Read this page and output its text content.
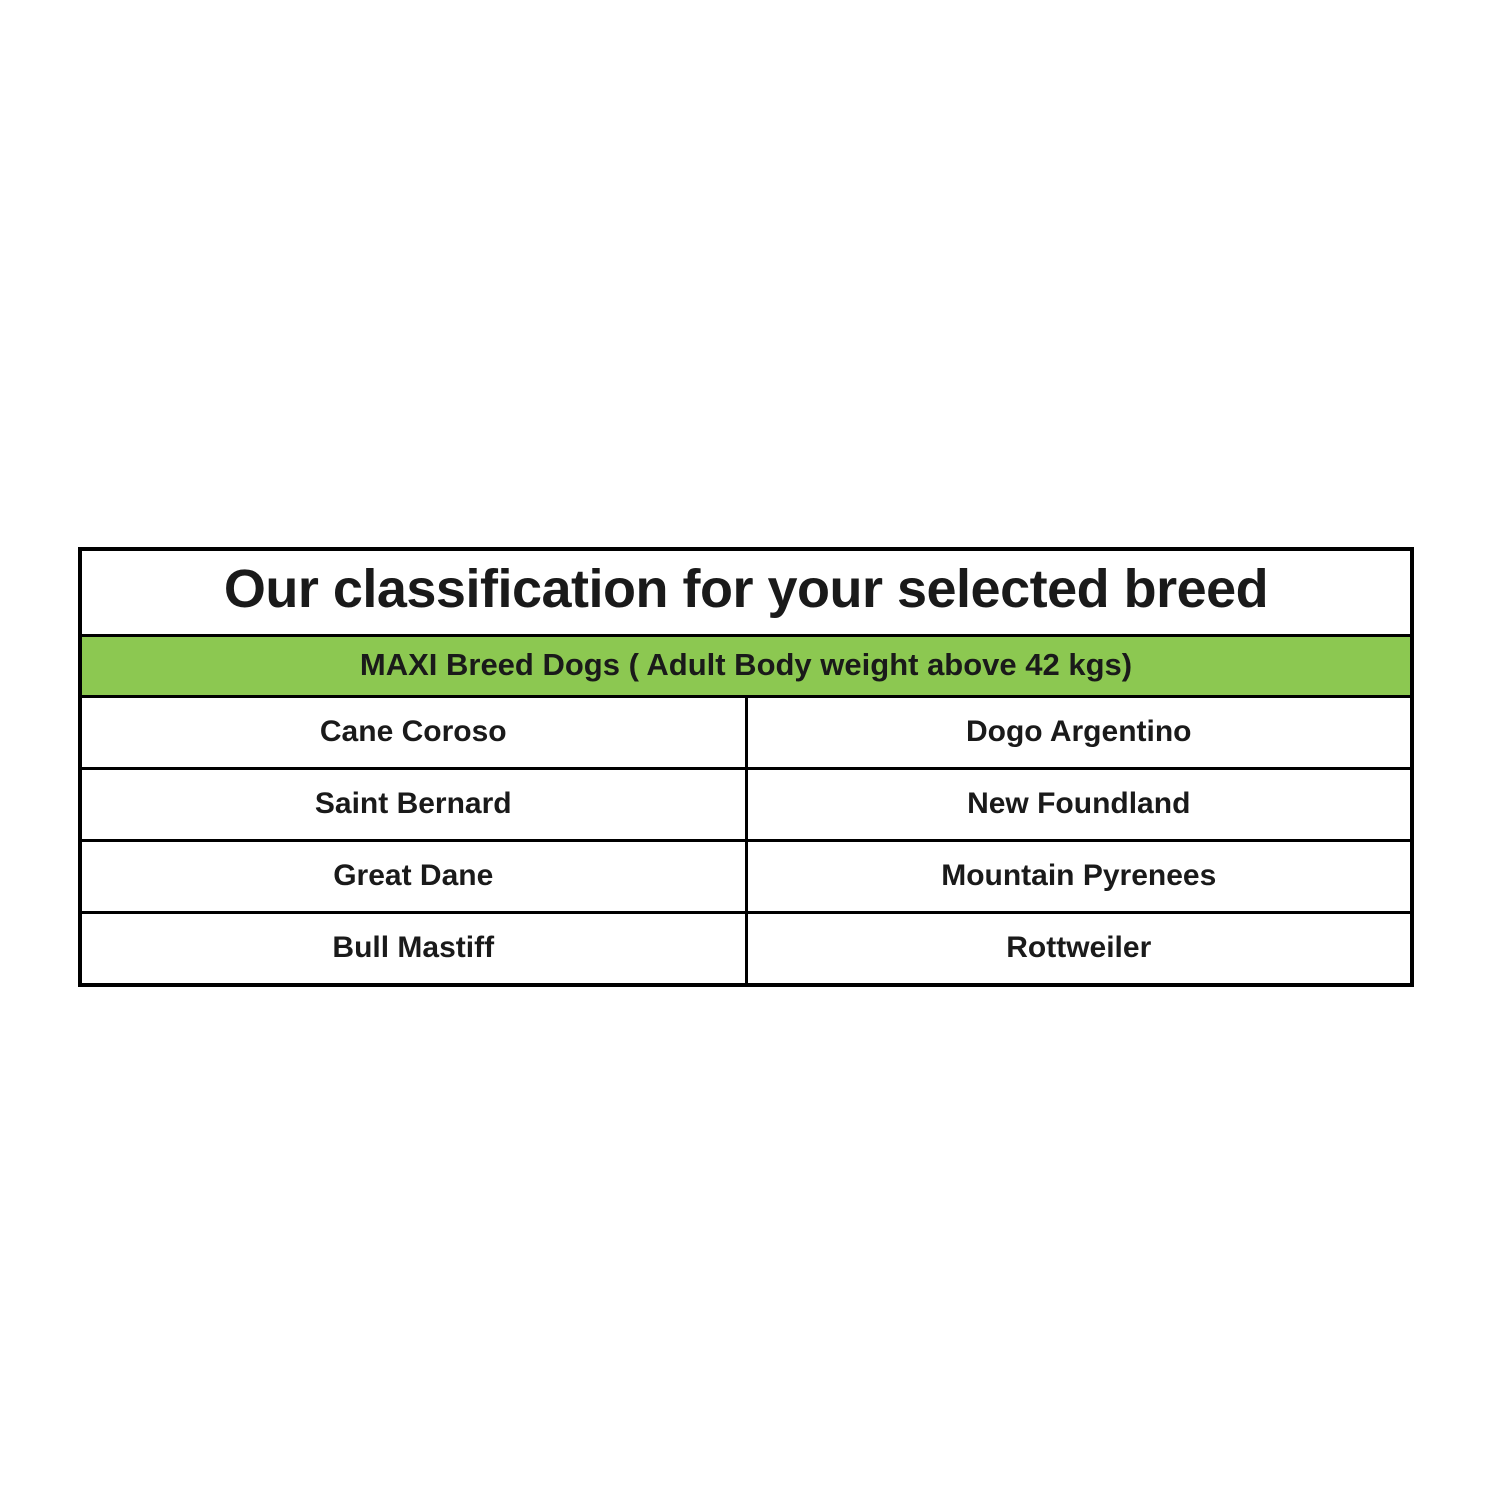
Our classification for your selected breed
MAXI Breed Dogs ( Adult Body weight above 42 kgs)
Cane Coroso	Dogo Argentino
Saint Bernard	New Foundland
Great Dane	Mountain Pyrenees
Bull Mastiff	Rottweiler
